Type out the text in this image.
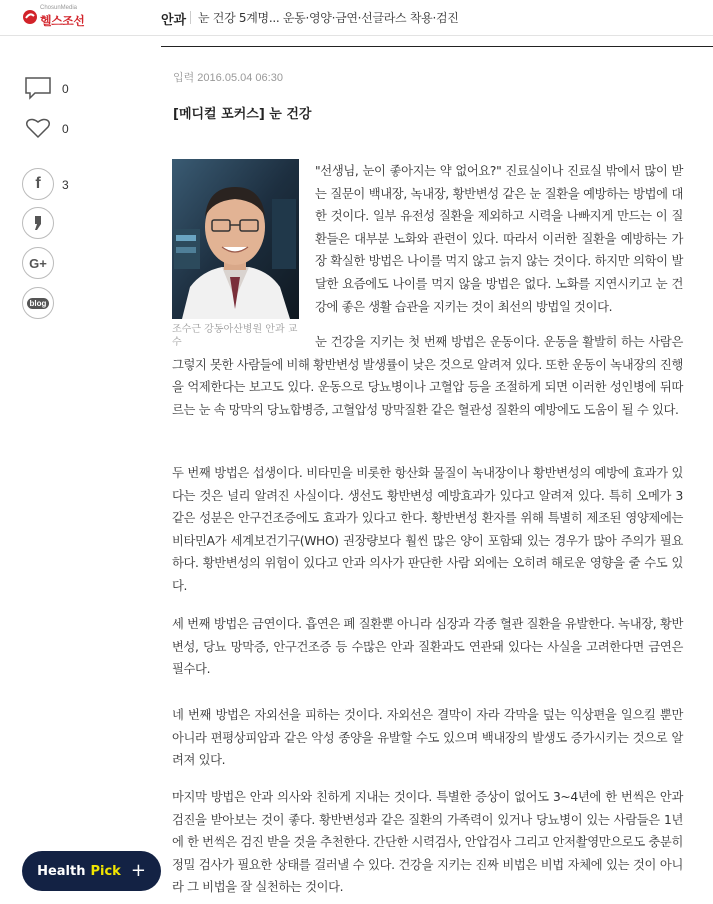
ChosunMedia
헬스조선	안과 눈 건강 5계명... 운동·영양·금연·선글라스 착용·검진
0
0
f 3
G+
blog
입력 2016.05.04 06:30
[메디컬 포커스] 눈 건강
조수근 강동아산병원 안과 교수

"선생님, 눈이 좋아지는 약 없어요?" 진료실이나 진료실 밖에서 많이 받는 질문이 백내장, 녹내장, 황반변성 같은 눈 질환을 예방하는 방법에 대한 것이다. 일부 유전성 질환을 제외하고 시력을 나빠지게 만드는 이 질환들은 대부분 노화와 관련이 있다. 따라서 이러한 질환을 예방하는 가장 확실한 방법은 나이를 먹지 않고 늙지 않는 것이다. 하지만 의학이 발달한 요즘에도 나이를 먹지 않을 방법은 없다. 노화를 지연시키고 눈 건강에 좋은 생활 습관을 지키는 것이 최선의 방법일 것이다.

눈 건강을 지키는 첫 번째 방법은 운동이다. 운동을 활발히 하는 사람은 그렇지 못한 사람들에 비해 황반변성 발생률이 낮은 것으로 알려져 있다. 또한 운동이 녹내장의 진행을 억제한다는 보고도 있다. 운동으로 당뇨병이나 고혈압 등을 조절하게 되면 이러한 성인병에 뒤따르는 눈 속 망막의 당뇨합병증, 고혈압성 망막질환 같은 혈관성 질환의 예방에도 도움이 될 수 있다.

두 번째 방법은 섭생이다. 비타민을 비롯한 항산화 물질이 녹내장이나 황반변성의 예방에 효과가 있다는 것은 널리 알려진 사실이다. 생선도 황반변성 예방효과가 있다고 알려져 있다. 특히 오메가 3 같은 성분은 안구건조증에도 효과가 있다고 한다. 황반변성 환자를 위해 특별히 제조된 영양제에는 비타민A가 세계보건기구(WHO) 권장량보다 훨씬 많은 양이 포함돼 있는 경우가 많아 주의가 필요하다. 황반변성의 위험이 있다고 안과 의사가 판단한 사람 외에는 오히려 해로운 영향을 줄 수도 있다.

세 번째 방법은 금연이다. 흡연은 폐 질환뿐 아니라 심장과 각종 혈관 질환을 유발한다. 녹내장, 황반변성, 당뇨 망막증, 안구건조증 등 수많은 안과 질환과도 연관돼 있다는 사실을 고려한다면 금연은 필수다.

네 번째 방법은 자외선을 피하는 것이다. 자외선은 결막이 자라 각막을 덮는 익상편을 일으킬 뿐만 아니라 편평상피암과 같은 악성 종양을 유발할 수도 있으며 백내장의 발생도 증가시키는 것으로 알려져 있다.

마지막 방법은 안과 의사와 친하게 지내는 것이다. 특별한 증상이 없어도 3~4년에 한 번씩은 안과검진을 받아보는 것이 좋다. 황반변성과 같은 질환의 가족력이 있거나 당뇨병이 있는 사람들은 1년에 한 번씩은 검진 받을 것을 추천한다. 간단한 시력검사, 안압검사 그리고 안저촬영만으로도 충분히 정밀 검사가 필요한 상태를 걸러낼 수 있다. 건강을 지키는 진짜 비법은 비법 자체에 있는 것이 아니라 그 비법을 잘 실천하는 것이다.

Health Pick +
